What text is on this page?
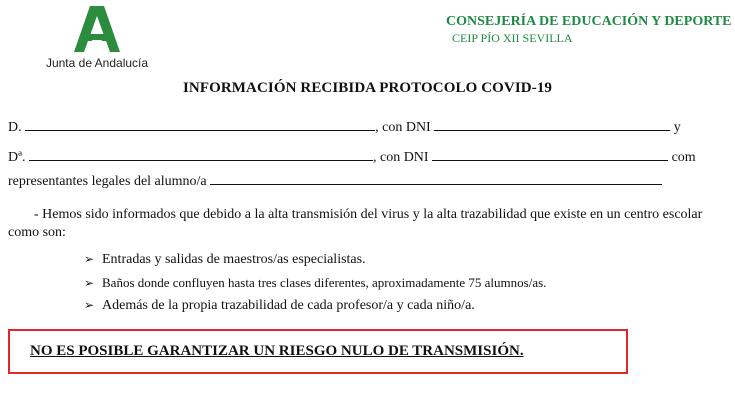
Junta de Andalucía
CONSEJERÍA DE EDUCACIÓN Y DEPORTE
CEIP PÍO XII SEVILLA
INFORMACIÓN RECIBIDA PROTOCOLO COVID-19
D.	, con DNI	y
Dª.	, con DNI	com
representantes legales del alumno/a
- Hemos sido informados que debido a la alta transmisión del virus y la alta trazabilidad que existe en un centro escolar como son:
➢ Entradas y salidas de maestros/as especialistas.
➢ Baños donde confluyen hasta tres clases diferentes, aproximadamente 75 alumnos/as.
➢ Además de la propia trazabilidad de cada profesor/a y cada niño/a.
NO ES POSIBLE GARANTIZAR UN RIESGO NULO DE TRANSMISIÓN.
